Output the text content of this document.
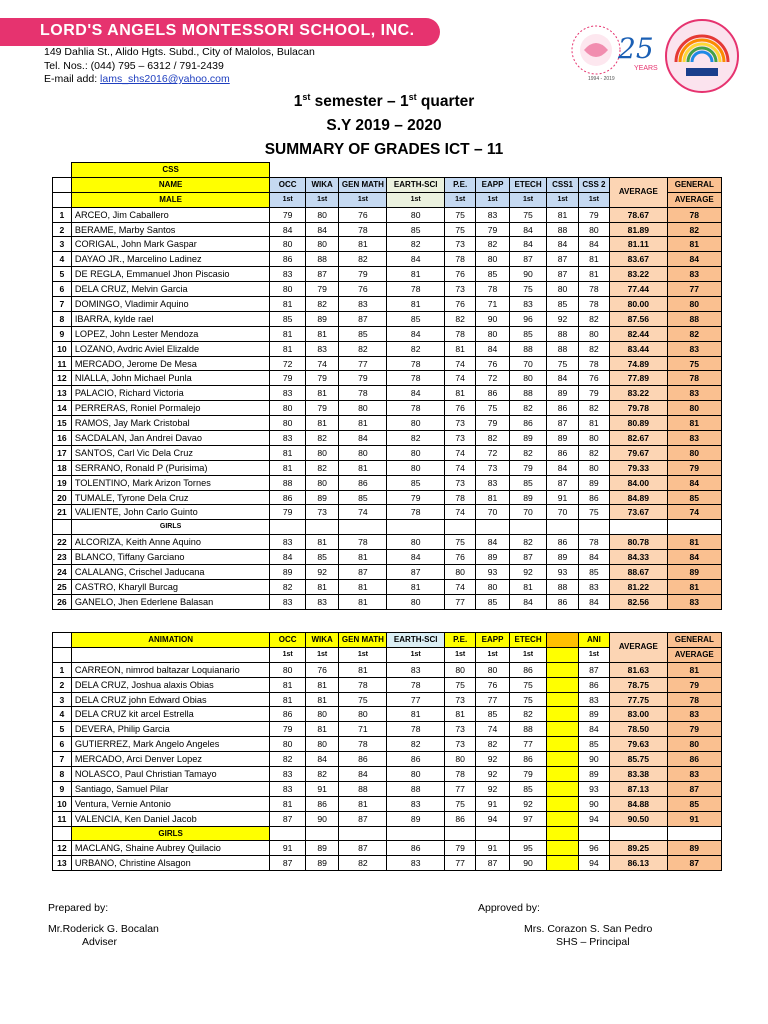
LORD'S ANGELS MONTESSORI SCHOOL, INC.
149 Dahlia St., Alido Hgts. Subd., City of Malolos, Bulacan
Tel. Nos.: (044) 795 – 6312 / 791-2439
E-mail add: lams_shs2016@yahoo.com
25
YEARS
1994 - 2019
1st semester – 1st quarter
S.Y 2019 – 2020
SUMMARY OF GRADES ICT – 11
	CSS											
	NAME	OCC	WIKA	GEN MATH	EARTH-SCI	P.E.	EAPP	ETECH	CSS1	CSS 2	AVERAGE	GENERAL
	MALE	1st	1st	1st	1st	1st	1st	1st	1st	1st		AVERAGE
1	ARCEO, Jim Caballero	79	80	76	80	75	83	75	81	79	78.67	78
2	BERAME, Marby Santos	84	84	78	85	75	79	84	88	80	81.89	82
3	CORIGAL, John Mark Gaspar	80	80	81	82	73	82	84	84	84	81.11	81
4	DAYAO JR., Marcelino Ladinez	86	88	82	84	78	80	87	87	81	83.67	84
5	DE REGLA, Emmanuel Jhon Piscasio	83	87	79	81	76	85	90	87	81	83.22	83
6	DELA CRUZ, Melvin Garcia	80	79	76	78	73	78	75	80	78	77.44	77
7	DOMINGO, Vladimir Aquino	81	82	83	81	76	71	83	85	78	80.00	80
8	IBARRA, kylde rael	85	89	87	85	82	90	96	92	82	87.56	88
9	LOPEZ, John Lester Mendoza	81	81	85	84	78	80	85	88	80	82.44	82
10	LOZANO, Avdric Aviel Elizalde	81	83	82	82	81	84	88	88	82	83.44	83
11	MERCADO, Jerome De Mesa	72	74	77	78	74	76	70	75	78	74.89	75
12	NIALLA, John Michael Punla	79	79	79	78	74	72	80	84	76	77.89	78
13	PALACIO, Richard Victoria	83	81	78	84	81	86	88	89	79	83.22	83
14	PERRERAS, Roniel Pormalejo	80	79	80	78	76	75	82	86	82	79.78	80
15	RAMOS, Jay Mark Cristobal	80	81	81	80	73	79	86	87	81	80.89	81
16	SACDALAN, Jan Andrei Davao	83	82	84	82	73	82	89	89	80	82.67	83
17	SANTOS, Carl Vic Dela Cruz	81	80	80	80	74	72	82	86	82	79.67	80
18	SERRANO, Ronald P (Purisima)	81	82	81	80	74	73	79	84	80	79.33	79
19	TOLENTINO, Mark Arizon Tornes	88	80	86	85	73	83	85	87	89	84.00	84
20	TUMALE, Tyrone Dela Cruz	86	89	85	79	78	81	89	91	86	84.89	85
21	VALIENTE, John Carlo Guinto	79	73	74	78	74	70	70	70	75	73.67	74
	GIRLS											
22	ALCORIZA, Keith Anne Aquino	83	81	78	80	75	84	82	86	78	80.78	81
23	BLANCO, Tiffany Garciano	84	85	81	84	76	89	87	89	84	84.33	84
24	CALALANG, Crischel Jaducana	89	92	87	87	80	93	92	93	85	88.67	89
25	CASTRO, Kharyll Burcag	82	81	81	81	74	80	81	88	83	81.22	81
26	GANELO, Jhen Ederlene Balasan	83	83	81	80	77	85	84	86	84	82.56	83
	ANIMATION	OCC	WIKA	GEN MATH	EARTH-SCI	P.E.	EAPP	ETECH		ANI	AVERAGE	GENERAL
		1st	1st	1st	1st	1st	1st	1st		1st		AVERAGE
1	CARREON, nimrod baltazar Loquianario	80	76	81	83	80	80	86		87	81.63	81
2	DELA CRUZ, Joshua alaxis Obias	81	81	78	78	75	76	75		86	78.75	79
3	DELA CRUZ john Edward Obias	81	81	75	77	73	77	75		83	77.75	78
4	DELA CRUZ kit arcel Estrella	86	80	80	81	81	85	82		89	83.00	83
5	DEVERA, Philip Garcia	79	81	71	78	73	74	88		84	78.50	79
6	GUTIERREZ, Mark Angelo Angeles	80	80	78	82	73	82	77		85	79.63	80
7	MERCADO, Arci Denver Lopez	82	84	86	86	80	92	86		90	85.75	86
8	NOLASCO, Paul Christian Tamayo	83	82	84	80	78	92	79		89	83.38	83
9	Santiago, Samuel Pilar	83	91	88	88	77	92	85		93	87.13	87
10	Ventura, Vernie Antonio	81	86	81	83	75	91	92		90	84.88	85
11	VALENCIA, Ken Daniel Jacob	87	90	87	89	86	94	97		94	90.50	91
	GIRLS											
12	MACLANG, Shaine Aubrey Quilacio	91	89	87	86	79	91	95		96	89.25	89
13	URBANO, Christine Alsagon	87	89	82	83	77	87	90		94	86.13	87
Prepared by:	Approved by:
Mr.Roderick G. Bocalan
Adviser
Mrs. Corazon S. San Pedro
SHS – Principal
